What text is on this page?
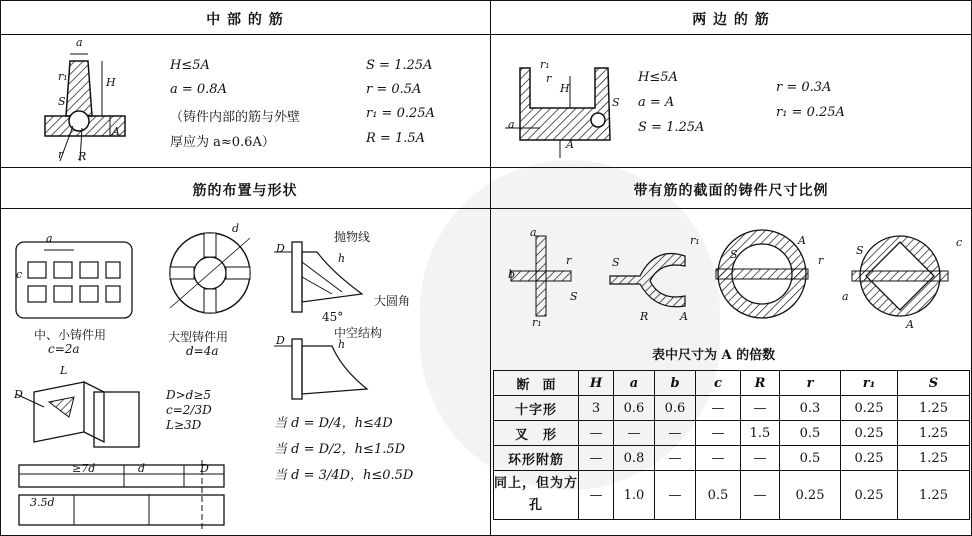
中 部 的 筋	两 边 的 筋
筋的布置与形状	带有筋的截面的铸件尺寸比例
a
r₁	H
S
A
r R
H≤5A
a = 0.8A
（铸件内部的筋与外壁
厚应为 a≈0.6A）
S = 1.25A
r = 0.5A
r₁ = 0.25A
R = 1.5A
r₁
r
H
a
S
A
H≤5A
a = A
S = 1.25A
r = 0.3A
r₁ = 0.25A
a
c
中、小铸件用
c=2a
d
大型铸件用
d=4a
D
h
抛物线
大圆角
45°
中空结构
D	h
D
L
D>d≥5
c=2/3D
L≥3D	当 d = D/4，h≤4D
当 d = D/2，h≤1.5D
当 d = 3/4D，h≤0.5D
≥7d	d	D
3.5d
a
b
r
S
r₁
S
r₁
R	A
S
A
r
S
c
a
A
表中尺寸为 A 的倍数
断　面	H	a	b	c	R	r	r₁	S
十字形	3	0.6	0.6	—	—	0.3	0.25	1.25
叉　形	—	—	—	—	1.5	0.5	0.25	1.25
环形附筋	—	0.8	—	—	—	0.5	0.25	1.25
同上，但为方孔	—	1.0	—	0.5	—	0.25	0.25	1.25
